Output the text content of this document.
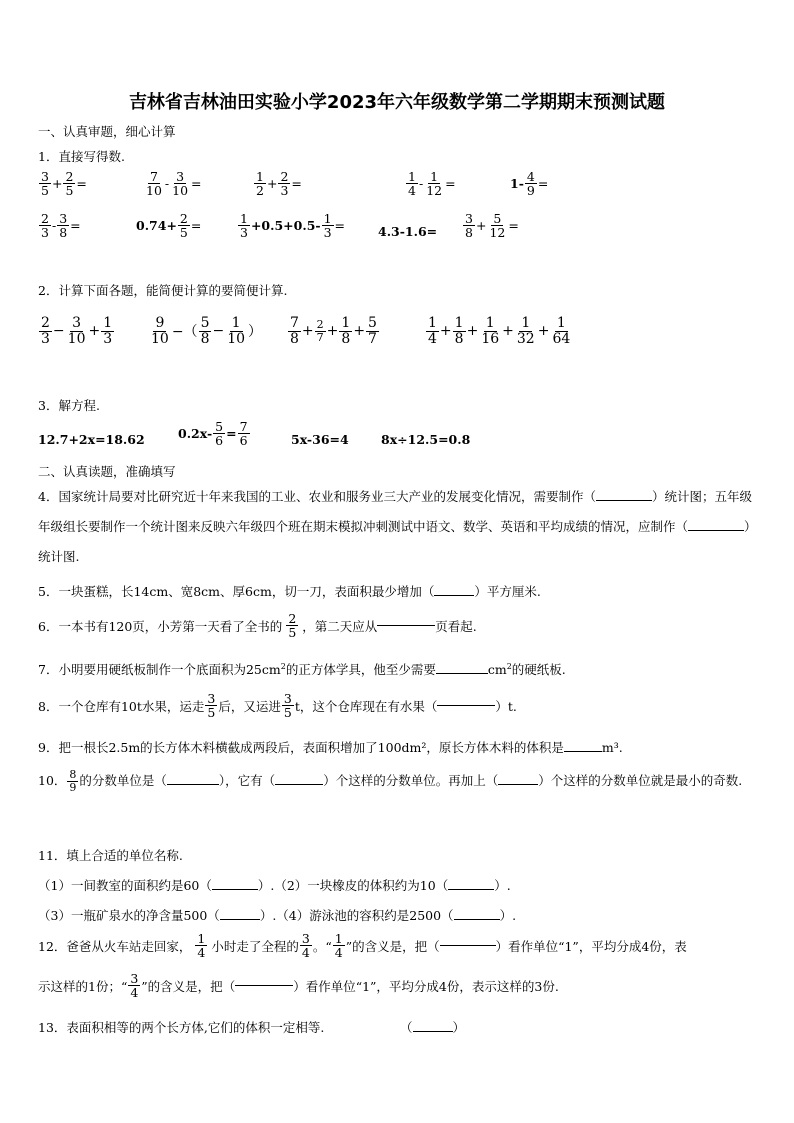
吉林省吉林油田实验小学2023年六年级数学第二学期期末预测试题
一、认真审题，细心计算
1．直接写得数.
$\frac{3}{5} + \frac{2}{5}$ =	$\frac{7}{10} - \frac{3}{10}$ =	$\frac{1}{2} + \frac{2}{3}$ =	$\frac{1}{4} - \frac{1}{12}$ =	$1- \frac{4}{9}$ =
$\frac{2}{3} - \frac{3}{8}$ =	$0.74+ \frac{2}{5}$ =	$\frac{1}{3} +0.5+0.5- \frac{1}{3}$ =	$4.3-1.6= \frac{3}{8} + \frac{5}{12}$ =
2．计算下面各题，能简便计算的要简便计算.
$\frac{2}{3} - \frac{3}{10} + \frac{1}{3} \frac{9}{10}$ −（ $\frac{5}{8} - \frac{1}{10}$ ） $\frac{7}{8} + \frac{2}{7} + \frac{1}{8} + \frac{5}{7}$	$\frac{1}{4} + \frac{1}{8} + \frac{1}{16} + \frac{1}{32} + \frac{1}{64}$
3．解方程.
12.7+2x=18.62	$0.2x- \frac{5}{6} = \frac{7}{6}$	5x-36=4	8x÷12.5=0.8
二、认真读题，准确填写
4．国家统计局要对比研究近十年来我国的工业、农业和服务业三大产业的发展变化情况，需要制作（	）统计图；五年级年级组长要制作一个统计图来反映六年级四个班在期末模拟冲刺测试中语文、数学、英语和平均成绩的情况，应制作（	）统计图.
5．一块蛋糕，长14cm、宽8cm、厚6cm，切一刀，表面积最少增加（	）平方厘米.
6．一本书有120页，小芳第一天看了全书的 $\frac{2}{5}$ ，第二天应从	页看起.
7．小明要用硬纸板制作一个底面积为$25cm^2$的正方体学具，他至少需要	$cm^2$的硬纸板.
8．一个仓库有10t水果，运走 $\frac{3}{5}$ 后，又运进 $\frac{3}{5}$ t，这个仓库现在有水果（	）t.
9．把一根长2.5m的长方体木料横截成两段后，表面积增加了100dm²，原长方体木料的体积是	m³.
10． $\frac{8}{9}$ 的分数单位是（	），它有（	）个这样的分数单位。再加上（	）个这样的分数单位就是最小的奇数.
11．填上合适的单位名称.
（1）一间教室的面积约是60（	）.（2）一块橡皮的体积约为10（	）.
（3）一瓶矿泉水的净含量500（	）.（4）游泳池的容积约是2500（	）.
12．爸爸从火车站走回家， $\frac{1}{4}$ 小时走了全程的 $\frac{3}{4}$ 。“ $\frac{1}{4}$ ”的含义是，把（	）看作单位“1”，平均分成4份，表
示这样的1份；“ $\frac{3}{4}$ ”的含义是，把（	）看作单位“1”，平均分成4份，表示这样的3份.
13．表面积相等的两个长方体,它们的体积一定相等.	（	）
